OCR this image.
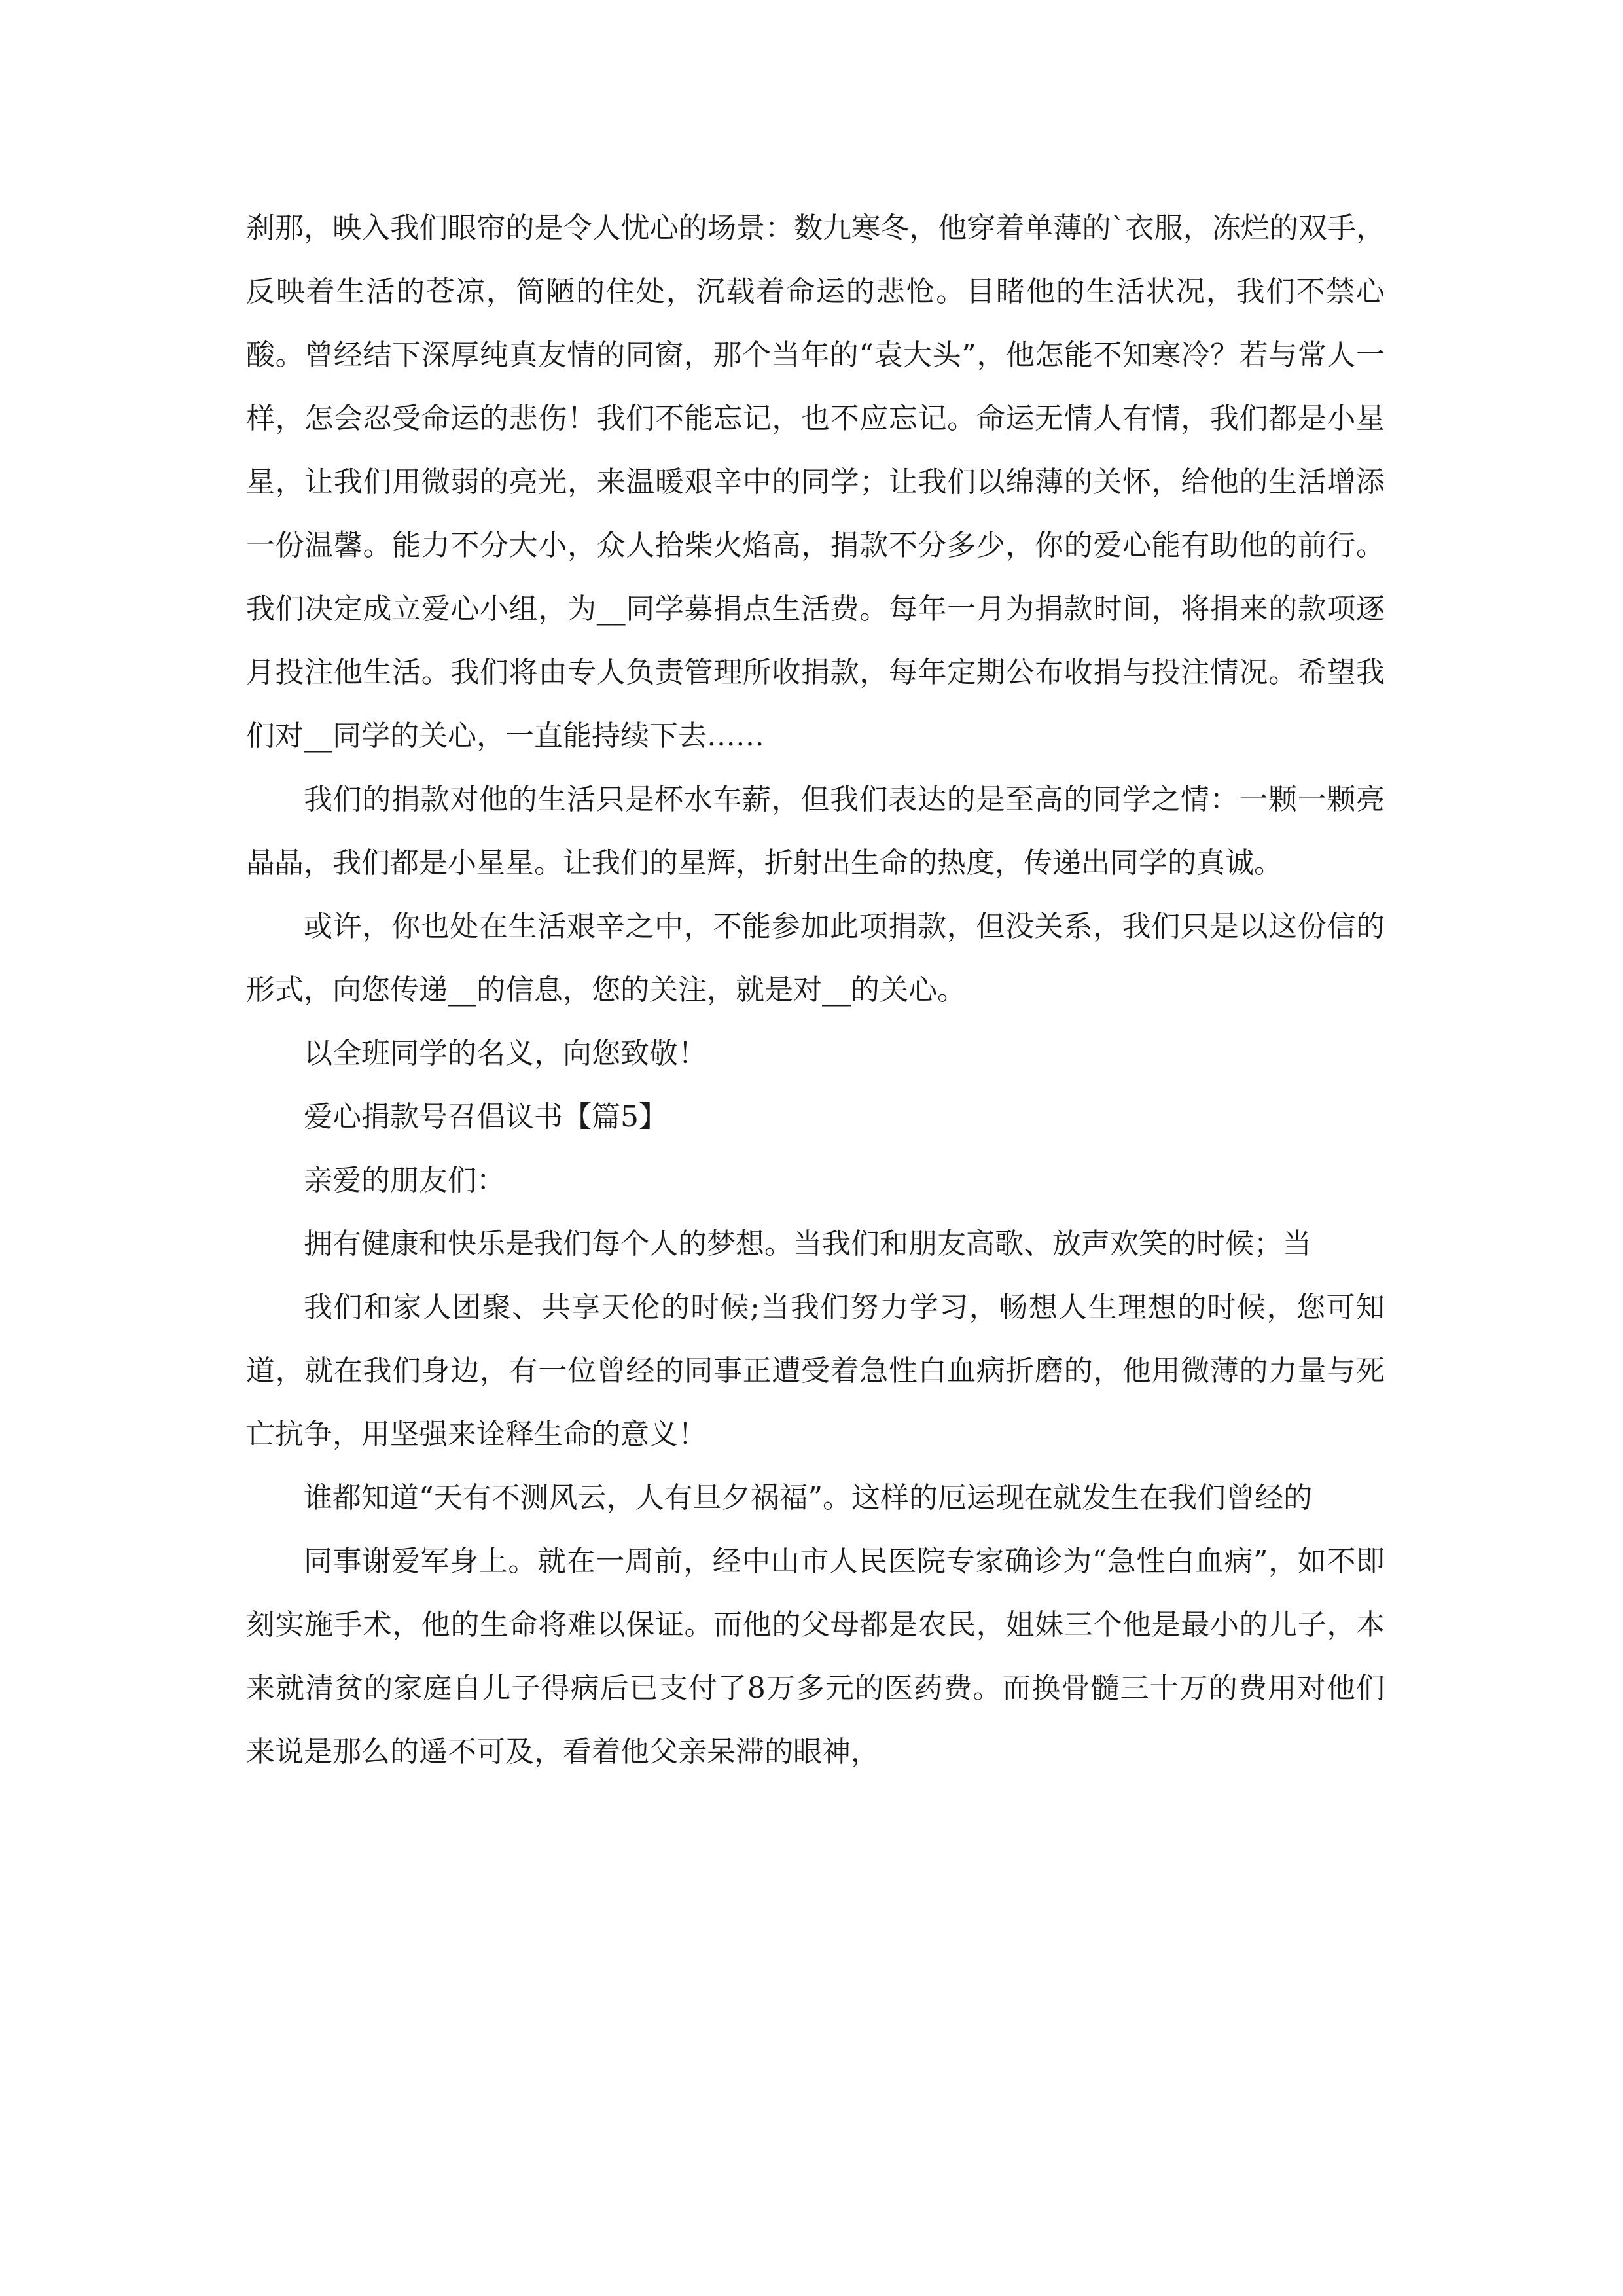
刹那，映入我们眼帘的是令人忧心的场景：数九寒冬，他穿着单薄的`衣服，冻烂的双手，反映着生活的苍凉，简陋的住处，沉载着命运的悲怆。目睹他的生活状况，我们不禁心酸。曾经结下深厚纯真友情的同窗，那个当年的“袁大头”，他怎能不知寒冷？若与常人一样，怎会忍受命运的悲伤！我们不能忘记，也不应忘记。命运无情人有情，我们都是小星星，让我们用微弱的亮光，来温暖艰辛中的同学；让我们以绵薄的关怀，给他的生活增添一份温馨。能力不分大小，众人拾柴火焰高，捐款不分多少，你的爱心能有助他的前行。我们决定成立爱心小组，为__同学募捐点生活费。每年一月为捐款时间，将捐来的款项逐月投注他生活。我们将由专人负责管理所收捐款，每年定期公布收捐与投注情况。希望我们对__同学的关心，一直能持续下去……

我们的捐款对他的生活只是杯水车薪，但我们表达的是至高的同学之情：一颗一颗亮晶晶，我们都是小星星。让我们的星辉，折射出生命的热度，传递出同学的真诚。

或许，你也处在生活艰辛之中，不能参加此项捐款，但没关系，我们只是以这份信的形式，向您传递__的信息，您的关注，就是对__的关心。

以全班同学的名义，向您致敬！

爱心捐款号召倡议书【篇5】

亲爱的朋友们：

拥有健康和快乐是我们每个人的梦想。当我们和朋友高歌、放声欢笑的时候；当

我们和家人团聚、共享天伦的时候;当我们努力学习，畅想人生理想的时候，您可知道，就在我们身边，有一位曾经的同事正遭受着急性白血病折磨的，他用微薄的力量与死亡抗争，用坚强来诠释生命的意义！

谁都知道“天有不测风云，人有旦夕祸福”。这样的厄运现在就发生在我们曾经的

同事谢爱军身上。就在一周前，经中山市人民医院专家确诊为“急性白血病”，如不即刻实施手术，他的生命将难以保证。而他的父母都是农民，姐妹三个他是最小的儿子，本来就清贫的家庭自儿子得病后已支付了8万多元的医药费。而换骨髓三十万的费用对他们来说是那么的遥不可及，看着他父亲呆滞的眼神，
